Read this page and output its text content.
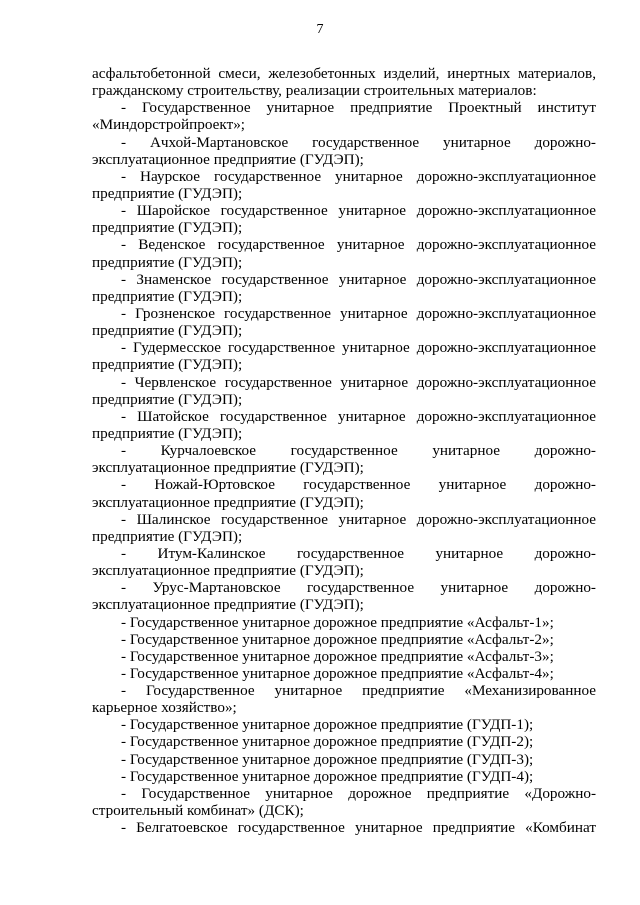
7
асфальтобетонной смеси, железобетонных изделий, инертных материалов,
гражданскому строительству, реализации строительных материалов:
- Государственное унитарное предприятие Проектный институт
«Миндорстройпроект»;
- Ачхой-Мартановское государственное унитарное дорожно-
эксплуатационное предприятие (ГУДЭП);
- Наурское государственное унитарное дорожно-эксплуатационное
предприятие (ГУДЭП);
- Шаройское государственное унитарное дорожно-эксплуатационное
предприятие (ГУДЭП);
- Веденское государственное унитарное дорожно-эксплуатационное
предприятие (ГУДЭП);
- Знаменское государственное унитарное дорожно-эксплуатационное
предприятие (ГУДЭП);
- Грозненское государственное унитарное дорожно-эксплуатационное
предприятие (ГУДЭП);
- Гудермесское государственное унитарное дорожно-эксплуатационное
предприятие (ГУДЭП);
- Червленское государственное унитарное дорожно-эксплуатационное
предприятие (ГУДЭП);
- Шатойское государственное унитарное дорожно-эксплуатационное
предприятие (ГУДЭП);
- Курчалоевское государственное унитарное дорожно-
эксплуатационное предприятие (ГУДЭП);
- Ножай-Юртовское государственное унитарное дорожно-
эксплуатационное предприятие (ГУДЭП);
- Шалинское государственное унитарное дорожно-эксплуатационное
предприятие (ГУДЭП);
- Итум-Калинское государственное унитарное дорожно-
эксплуатационное предприятие (ГУДЭП);
- Урус-Мартановское государственное унитарное дорожно-
эксплуатационное предприятие (ГУДЭП);
- Государственное унитарное дорожное предприятие «Асфальт-1»;
- Государственное унитарное дорожное предприятие «Асфальт-2»;
- Государственное унитарное дорожное предприятие «Асфальт-3»;
- Государственное унитарное дорожное предприятие «Асфальт-4»;
- Государственное унитарное предприятие «Механизированное
карьерное хозяйство»;
- Государственное унитарное дорожное предприятие (ГУДП-1);
- Государственное унитарное дорожное предприятие (ГУДП-2);
- Государственное унитарное дорожное предприятие (ГУДП-3);
- Государственное унитарное дорожное предприятие (ГУДП-4);
- Государственное унитарное дорожное предприятие «Дорожно-
строительный комбинат» (ДСК);
- Белгатоевское государственное унитарное предприятие «Комбинат
